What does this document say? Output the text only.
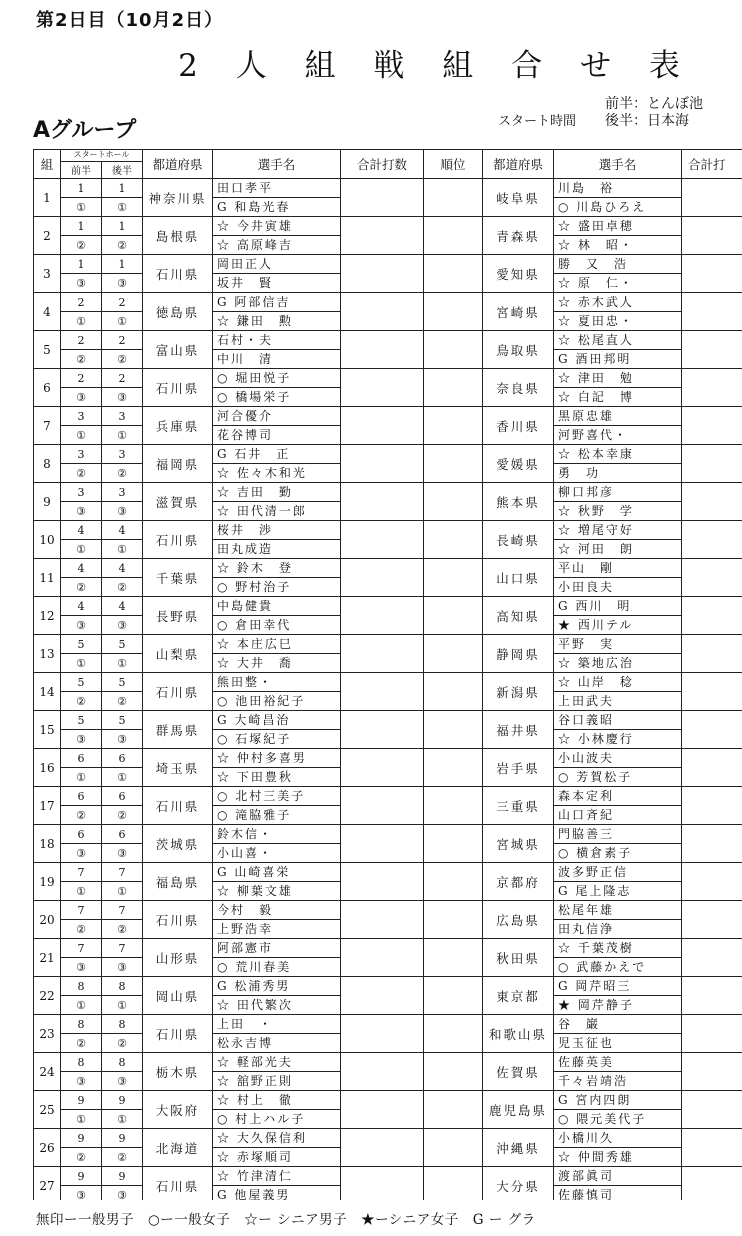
第2日目（10月2日）
2 人 組 戦 組 合 せ 表
Aグループ	スタート時間
前半：とんぼ池
後半：日本海
組	スタートホール		都道府県	選手名	合計打数	順位	都道府県	選手名	合計打
	前半	後半							
1	1	1	神奈川県	田口孝平			岐阜県	川島　裕	
	①	①		G 和島光春				○ 川島ひろえ	
2	1	1	島根県	☆ 今井寅雄			青森県	☆ 盛田卓穂	
	②	②		☆ 高原峰吉				☆ 林　昭・	
3	1	1	石川県	岡田正人			愛知県	勝　又　浩	
	③	③		坂井　賢				☆ 原　仁・	
4	2	2	徳島県	G 阿部信吉			宮崎県	☆ 赤木武人	
	①	①		☆ 鎌田　勲				☆ 夏田忠・	
5	2	2	富山県	石村・夫			鳥取県	☆ 松尾直人	
	②	②		中川　清				G 酒田邦明	
6	2	2	石川県	○ 堀田悦子			奈良県	☆ 津田　勉	
	③	③		○ 橋場栄子				☆ 白記　博	
7	3	3	兵庫県	河合優介			香川県	黒原忠雄	
	①	①		花谷博司				河野喜代・	
8	3	3	福岡県	G 石井　正			愛媛県	☆ 松本幸康	
	②	②		☆ 佐々木和光				勇　功	
9	3	3	滋賀県	☆ 吉田　勤			熊本県	柳口邦彦	
	③	③		☆ 田代清一郎				☆ 秋野　学	
10	4	4	石川県	桜井　渉			長崎県	☆ 増尾守好	
	①	①		田丸成造				☆ 河田　朗	
11	4	4	千葉県	☆ 鈴木　登			山口県	平山　剛	
	②	②		○ 野村治子				小田良夫	
12	4	4	長野県	中島健貴			高知県	G 西川　明	
	③	③		○ 倉田幸代				★ 西川テル	
13	5	5	山梨県	☆ 本庄広巳			静岡県	平野　実	
	①	①		☆ 大井　喬				☆ 築地広治	
14	5	5	石川県	熊田整・			新潟県	☆ 山岸　稔	
	②	②		○ 池田裕紀子				上田武夫	
15	5	5	群馬県	G 大崎昌治			福井県	谷口義昭	
	③	③		○ 石塚紀子				☆ 小林慶行	
16	6	6	埼玉県	☆ 仲村多喜男			岩手県	小山波夫	
	①	①		☆ 下田豊秋				○ 芳賀松子	
17	6	6	石川県	○ 北村三美子			三重県	森本定利	
	②	②		○ 滝脇雅子				山口斉紀	
18	6	6	茨城県	鈴木信・			宮城県	門脇善三	
	③	③		小山喜・				○ 横倉素子	
19	7	7	福島県	G 山崎喜栄			京都府	波多野正信	
	①	①		☆ 柳葉文雄				G 尾上隆志	
20	7	7	石川県	今村　毅			広島県	松尾年雄	
	②	②		上野浩幸				田丸信浄	
21	7	7	山形県	阿部憲市			秋田県	☆ 千葉茂樹	
	③	③		○ 荒川春美				○ 武藤かえで	
22	8	8	岡山県	G 松浦秀男			東京都	G 岡芹昭三	
	①	①		☆ 田代繁次				★ 岡芹静子	
23	8	8	石川県	上田　・			和歌山県	谷　巌	
	②	②		松永吉博				児玉征也	
24	8	8	栃木県	☆ 軽部光夫			佐賀県	佐藤英美	
	③	③		☆ 舘野正則				千々岩靖浩	
25	9	9	大阪府	☆ 村上　徹			鹿児島県	G 宮内四朗	
	①	①		○ 村上ハル子				○ 隈元美代子	
26	9	9	北海道	☆ 大久保信利			沖縄県	小橋川久	
	②	②		☆ 赤塚順司				☆ 仲間秀雄	
27	9	9	石川県	☆ 竹津清仁			大分県	渡部眞司	
	③	③		G 他屋義男				佐藤慎司	
無印ー一般男子　○ー一般女子　☆ー シニア男子　★ーシニア女子　G ー グラ
